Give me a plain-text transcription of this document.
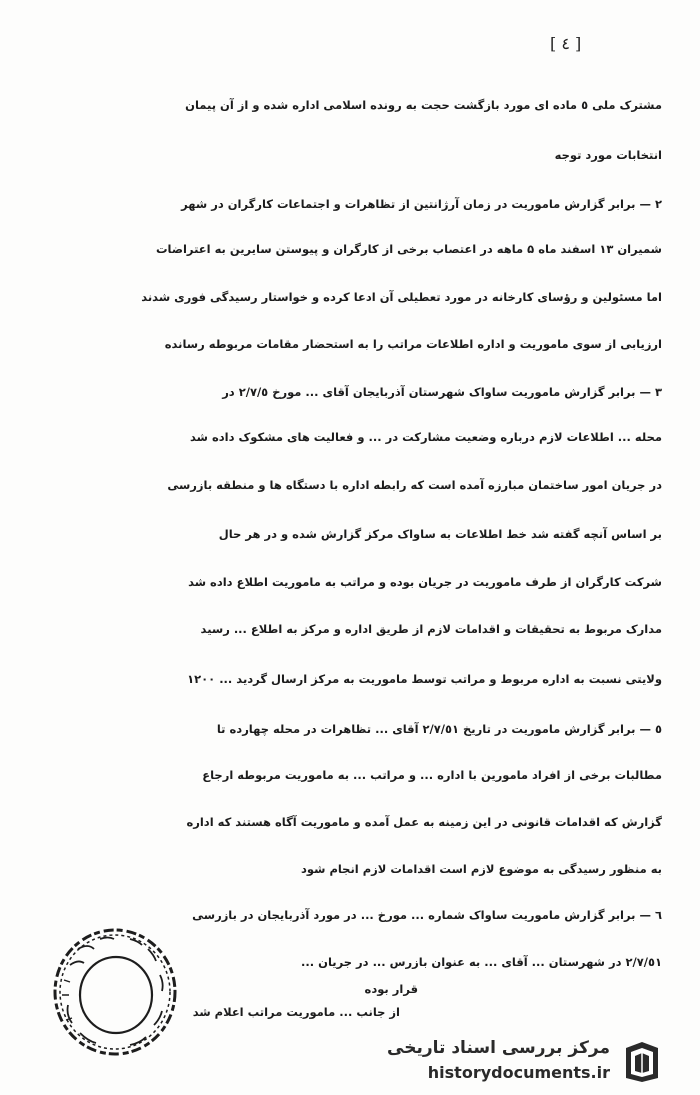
[ ٤ ]
مشترک ملی ٥ ماده ای مورد بازگشت حجت به رونده اسلامی اداره شده و از آن پیمان
انتخابات مورد توجه
٢ — برابر گزارش ماموریت در زمان آرژانتین از تظاهرات و اجتماعات کارگران در شهر
شمیران ١٣ اسفند ماه ۵ ماهه در اعتصاب برخی از کارگران و پیوستن سایرین به اعتراضات
اما مسئولین و رؤسای کارخانه در مورد تعطیلی آن ادعا کرده و خواستار رسیدگی فوری شدند
ارزیابی از سوی ماموریت و اداره اطلاعات مراتب را به استحضار مقامات مربوطه رسانده
٣ — برابر گزارش ماموریت ساواک شهرستان آذربایجان آقای ... مورخ ٢/٧/٥ در
محله ... اطلاعات لازم درباره وضعیت مشارکت در ... و فعالیت های مشکوک داده شد
در جریان امور ساختمان مبارزه آمده است که رابطه اداره با دستگاه ها و منطقه بازرسی
بر اساس آنچه گفته شد خط اطلاعات به ساواک مرکز گزارش شده و در هر حال
شرکت کارگران از طرف ماموریت در جریان بوده و مراتب به ماموریت اطلاع داده شد
مدارک مربوط به تحقیقات و اقدامات لازم از طریق اداره و مرکز به اطلاع ... رسید
ولایتی نسبت به اداره مربوط و مراتب توسط ماموریت به مرکز ارسال گردید ... ١٢۰۰
٥ — برابر گزارش ماموریت در تاریخ ٢/٧/٥١ آقای ... تظاهرات در محله چهارده تا
مطالبات برخی از افراد مامورین با اداره ... و مراتب ... به ماموریت مربوطه ارجاع
گزارش که اقدامات قانونی در این زمینه به عمل آمده و ماموریت آگاه هستند که اداره
به منظور رسیدگی به موضوع لازم است اقدامات لازم انجام شود
٦ — برابر گزارش ماموریت ساواک شماره ... مورخ ... در مورد آذربایجان در بازرسی
٢/٧/٥١ در شهرستان ... آقای ... به عنوان بازرس ... در جریان ...
قرار بوده
از جانب ... ماموریت مراتب اعلام شد
مرکز بررسی اسناد تاریخی
historydocuments.ir
